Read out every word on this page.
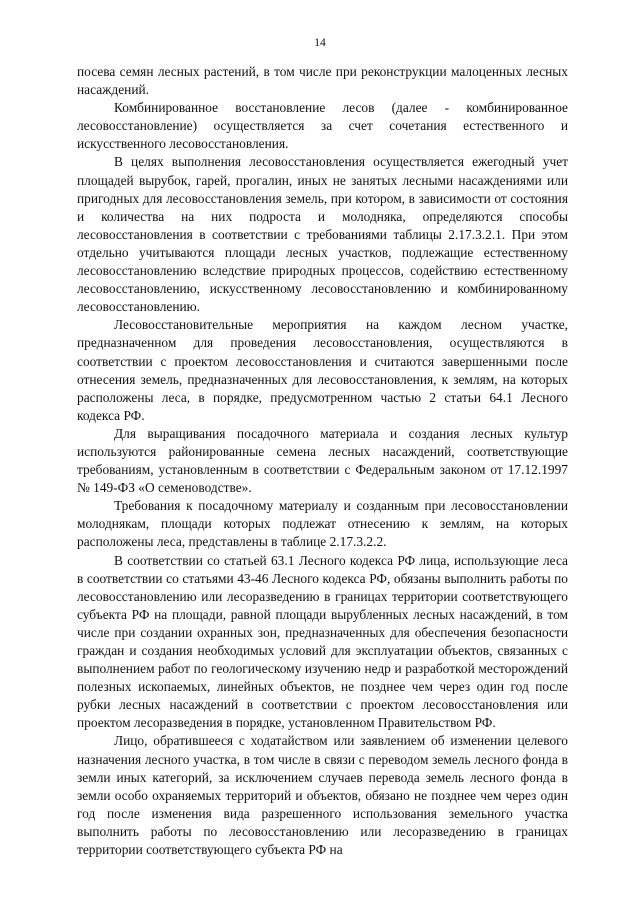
14

посева семян лесных растений, в том числе при реконструкции малоценных лесных насаждений.

Комбинированное восстановление лесов (далее - комбинированное лесовосстановление) осуществляется за счет сочетания естественного и искусственного лесовосстановления.

В целях выполнения лесовосстановления осуществляется ежегодный учет площадей вырубок, гарей, прогалин, иных не занятых лесными насаждениями или пригодных для лесовосстановления земель, при котором, в зависимости от состояния и количества на них подроста и молодняка, определяются способы лесовосстановления в соответствии с требованиями таблицы 2.17.3.2.1. При этом отдельно учитываются площади лесных участков, подлежащие естественному лесовосстановлению вследствие природных процессов, содействию естественному лесовосстановлению, искусственному лесовосстановлению и комбинированному лесовосстановлению.

Лесовосстановительные мероприятия на каждом лесном участке, предназначенном для проведения лесовосстановления, осуществляются в соответствии с проектом лесовосстановления и считаются завершенными после отнесения земель, предназначенных для лесовосстановления, к землям, на которых расположены леса, в порядке, предусмотренном частью 2 статьи 64.1 Лесного кодекса РФ.

Для выращивания посадочного материала и создания лесных культур используются районированные семена лесных насаждений, соответствующие требованиям, установленным в соответствии с Федеральным законом от 17.12.1997 № 149-ФЗ «О семеноводстве».

Требования к посадочному материалу и созданным при лесовосстановлении молоднякам, площади которых подлежат отнесению к землям, на которых расположены леса, представлены в таблице 2.17.3.2.2.

В соответствии со статьей 63.1 Лесного кодекса РФ лица, использующие леса в соответствии со статьями 43-46 Лесного кодекса РФ, обязаны выполнить работы по лесовосстановлению или лесоразведению в границах территории соответствующего субъекта РФ на площади, равной площади вырубленных лесных насаждений, в том числе при создании охранных зон, предназначенных для обеспечения безопасности граждан и создания необходимых условий для эксплуатации объектов, связанных с выполнением работ по геологическому изучению недр и разработкой месторождений полезных ископаемых, линейных объектов, не позднее чем через один год после рубки лесных насаждений в соответствии с проектом лесовосстановления или проектом лесоразведения в порядке, установленном Правительством РФ.

Лицо, обратившееся с ходатайством или заявлением об изменении целевого назначения лесного участка, в том числе в связи с переводом земель лесного фонда в земли иных категорий, за исключением случаев перевода земель лесного фонда в земли особо охраняемых территорий и объектов, обязано не позднее чем через один год после изменения вида разрешенного использования земельного участка выполнить работы по лесовосстановлению или лесоразведению в границах территории соответствующего субъекта РФ на
